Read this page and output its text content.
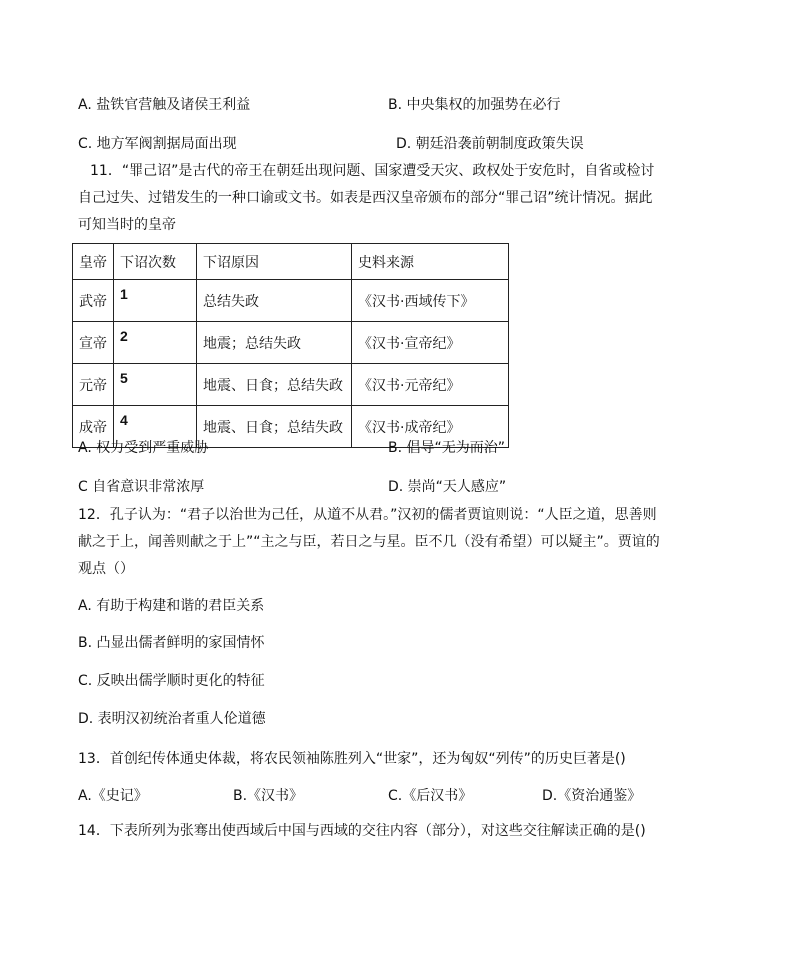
A. 盐铁官营触及诸侯王利益	B. 中央集权的加强势在必行
C. 地方军阀割据局面出现	D. 朝廷沿袭前朝制度政策失误
11．“罪己诏”是古代的帝王在朝廷出现问题、国家遭受天灾、政权处于安危时，自省或检讨
自己过失、过错发生的一种口谕或文书。如表是西汉皇帝颁布的部分“罪己诏”统计情况。据此
可知当时的皇帝
皇帝	下诏次数	下诏原因	史料来源
武帝	1	总结失政	《汉书·西域传下》
宣帝	2	地震；总结失政	《汉书·宣帝纪》
元帝	5	地震、日食；总结失政	《汉书·元帝纪》
成帝	4	地震、日食；总结失政	《汉书·成帝纪》
A. 权力受到严重威胁	B. 倡导“无为而治”
C 自省意识非常浓厚	D. 崇尚“天人感应”
12．孔子认为：“君子以治世为己任，从道不从君。”汉初的儒者贾谊则说：“人臣之道，思善则
献之于上，闻善则献之于上”“主之与臣，若日之与星。臣不几（没有希望）可以疑主”。贾谊的
观点（）
A. 有助于构建和谐的君臣关系
B. 凸显出儒者鲜明的家国情怀
C. 反映出儒学顺时更化的特征
D. 表明汉初统治者重人伦道德
13．首创纪传体通史体裁，将农民领袖陈胜列入“世家”，还为匈奴“列传”的历史巨著是()
A.《史记》	B.《汉书》	C.《后汉书》	D.《资治通鉴》
14．下表所列为张骞出使西域后中国与西域的交往内容（部分），对这些交往解读正确的是()
